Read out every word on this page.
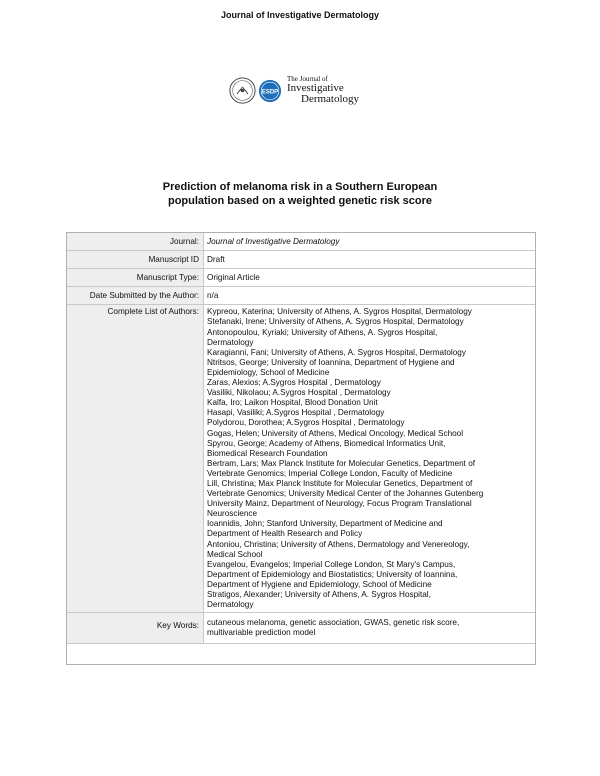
Journal of Investigative Dermatology
ESDP
The Journal of
Investigative
Dermatology
Prediction of melanoma risk in a Southern European
population based on a weighted genetic risk score
Journal: Journal of Investigative Dermatology
Manuscript ID Draft
Manuscript Type: Original Article
Date Submitted by the Author: n/a
Complete List of Authors: Kypreou, Katerina; University of Athens, A. Sygros Hospital, Dermatology
Stefanaki, Irene; University of Athens, A. Sygros Hospital, Dermatology
Antonopoulou, Kyriaki; University of Athens, A. Sygros Hospital,
Dermatology
Karagianni, Fani; University of Athens, A. Sygros Hospital, Dermatology
Ntritsos, George; University of Ioannina, Department of Hygiene and
Epidemiology, School of Medicine
Zaras, Alexios; A.Sygros Hospital , Dermatology
Vasiliki, Nikolaou; A.Sygros Hospital , Dermatology
Kalfa, Iro; Laikon Hospital, Blood Donation Unit
Hasapi, Vasiliki; A.Sygros Hospital , Dermatology
Polydorou, Dorothea; A.Sygros Hospital , Dermatology
Gogas, Helen; University of Athens, Medical Oncology, Medical School
Spyrou, George; Academy of Athens, Biomedical Informatics Unit,
Biomedical Research Foundation
Bertram, Lars; Max Planck Institute for Molecular Genetics, Department of
Vertebrate Genomics; Imperial College London, Faculty of Medicine
Lill, Christina; Max Planck Institute for Molecular Genetics, Department of
Vertebrate Genomics; University Medical Center of the Johannes Gutenberg
University Mainz, Department of Neurology, Focus Program Translational
Neuroscience
Ioannidis, John; Stanford University, Department of Medicine and
Department of Health Research and Policy
Antoniou, Christina; University of Athens, Dermatology and Venereology,
Medical School
Evangelou, Evangelos; Imperial College London, St Mary's Campus,
Department of Epidemiology and Biostatistics; University of Ioannina,
Department of Hygiene and Epidemiology, School of Medicine
Stratigos, Alexander; University of Athens, A. Sygros Hospital,
Dermatology
Key Words: cutaneous melanoma, genetic association, GWAS, genetic risk score,
multivariable prediction model
